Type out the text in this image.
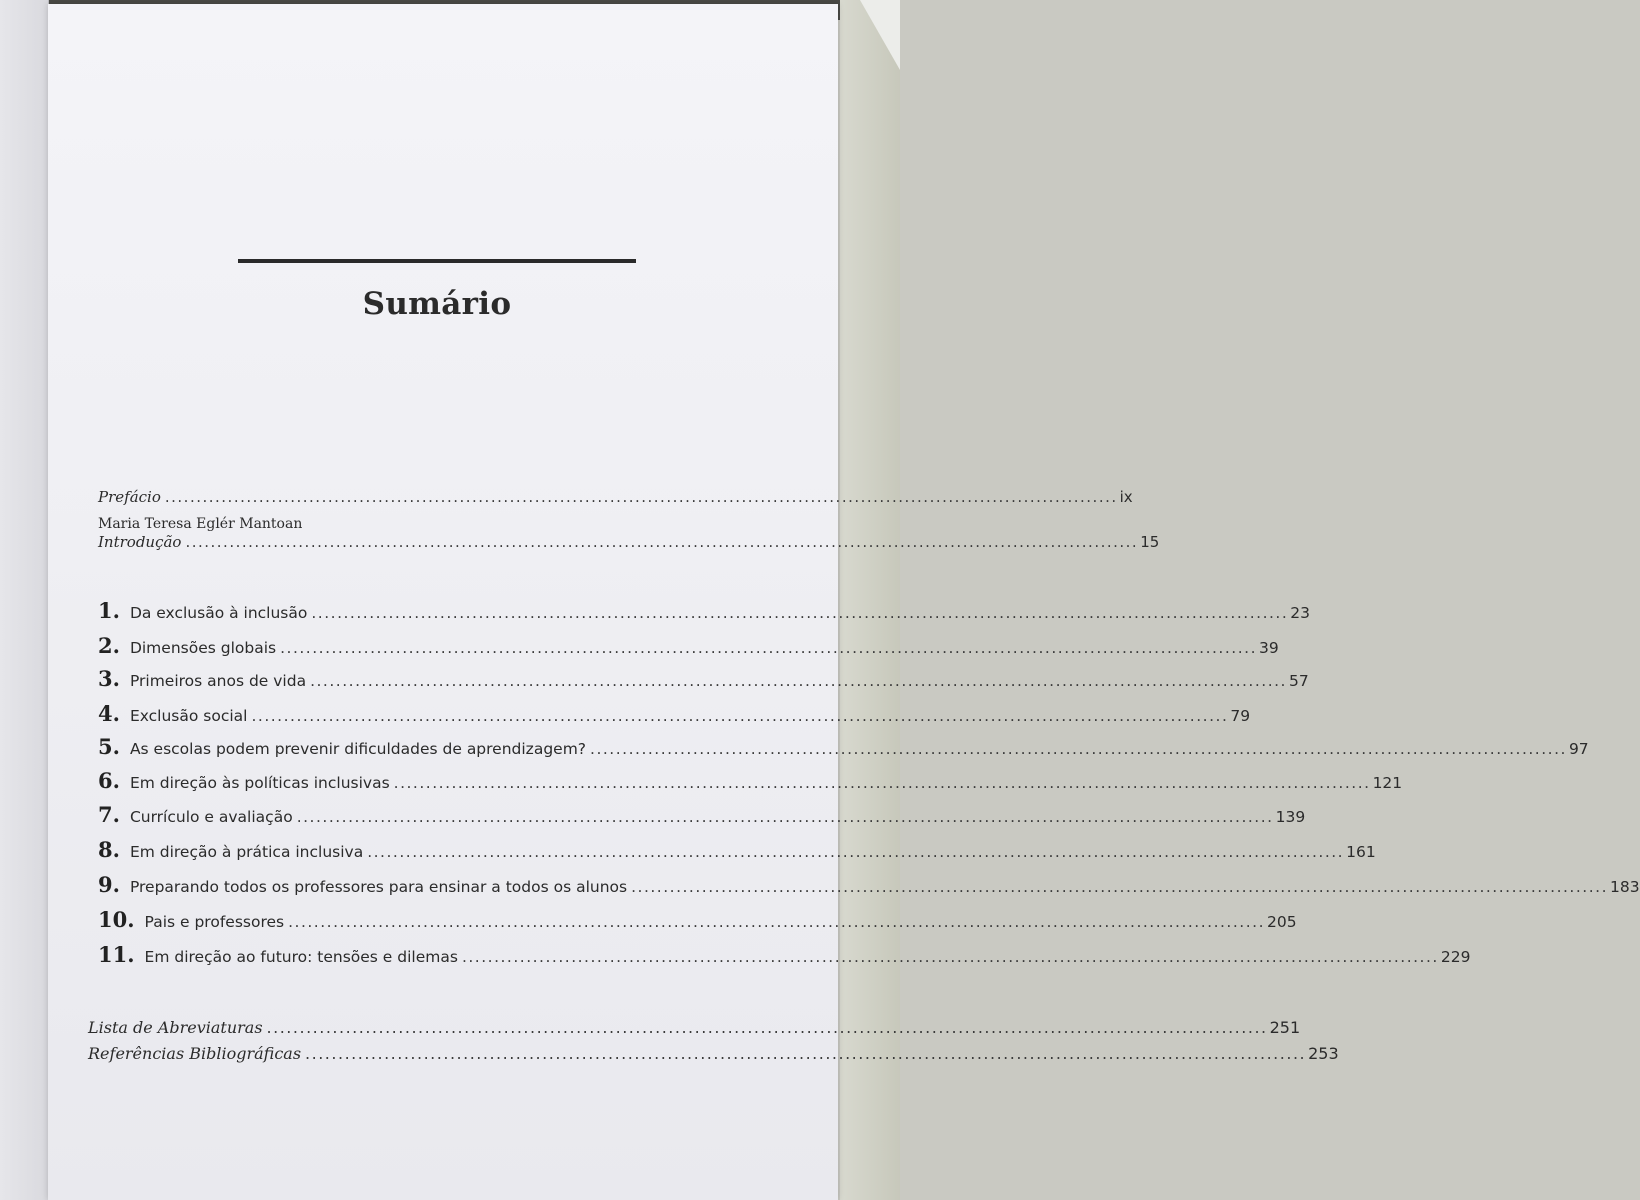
Sumário
Prefácio ........................................................................................................................................................ ix
Maria Teresa Eglér Mantoan
Introdução ........................................................................................................................................................ 15
1. Da exclusão à inclusão ........................................................................................................................................................ 23
2. Dimensões globais ........................................................................................................................................................ 39
3. Primeiros anos de vida ........................................................................................................................................................ 57
4. Exclusão social ........................................................................................................................................................ 79
5. As escolas podem prevenir dificuldades de aprendizagem? ........................................................................................................................................................ 97
6. Em direção às políticas inclusivas ........................................................................................................................................................ 121
7. Currículo e avaliação ........................................................................................................................................................ 139
8. Em direção à prática inclusiva ........................................................................................................................................................ 161
9. Preparando todos os professores para ensinar a todos os alunos ........................................................................................................................................................ 183
10. Pais e professores ........................................................................................................................................................ 205
11. Em direção ao futuro: tensões e dilemas ........................................................................................................................................................ 229
Lista de Abreviaturas ........................................................................................................................................................ 251
Referências Bibliográficas ........................................................................................................................................................ 253
